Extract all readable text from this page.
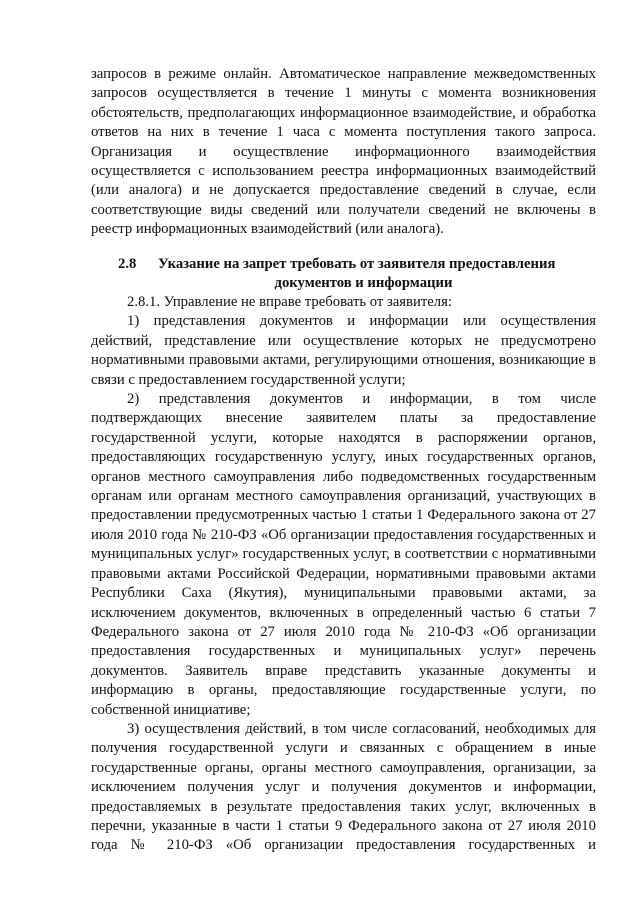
запросов в режиме онлайн. Автоматическое направление межведомственных запросов осуществляется в течение 1 минуты с момента возникновения обстоятельств, предполагающих информационное взаимодействие, и обработка ответов на них в течение 1 часа с момента поступления такого запроса. Организация и осуществление информационного взаимодействия осуществляется с использованием реестра информационных взаимодействий (или аналога) и не допускается предоставление сведений в случае, если соответствующие виды сведений или получатели сведений не включены в реестр информационных взаимодействий (или аналога).

2.8 Указание на запрет требовать от заявителя предоставления
документов и информации

2.8.1. Управление не вправе требовать от заявителя:

1) представления документов и информации или осуществления действий, представление или осуществление которых не предусмотрено нормативными правовыми актами, регулирующими отношения, возникающие в связи с предоставлением государственной услуги;

2) представления документов и информации, в том числе подтверждающих внесение заявителем платы за предоставление государственной услуги, которые находятся в распоряжении органов, предоставляющих государственную услугу, иных государственных органов, органов местного самоуправления либо подведомственных государственным органам или органам местного самоуправления организаций, участвующих в предоставлении предусмотренных частью 1 статьи 1 Федерального закона от 27 июля 2010 года № 210-ФЗ «Об организации предоставления государственных и муниципальных услуг» государственных услуг, в соответствии с нормативными правовыми актами Российской Федерации, нормативными правовыми актами Республики Саха (Якутия), муниципальными правовыми актами, за исключением документов, включенных в определенный частью 6 статьи 7 Федерального закона от 27 июля 2010 года № 210-ФЗ «Об организации предоставления государственных и муниципальных услуг» перечень документов. Заявитель вправе представить указанные документы и информацию в органы, предоставляющие государственные услуги, по собственной инициативе;

3) осуществления действий, в том числе согласований, необходимых для получения государственной услуги и связанных с обращением в иные государственные органы, органы местного самоуправления, организации, за исключением получения услуг и получения документов и информации, предоставляемых в результате предоставления таких услуг, включенных в перечни, указанные в части 1 статьи 9 Федерального закона от 27 июля 2010 года № 210-ФЗ «Об организации предоставления государственных и
